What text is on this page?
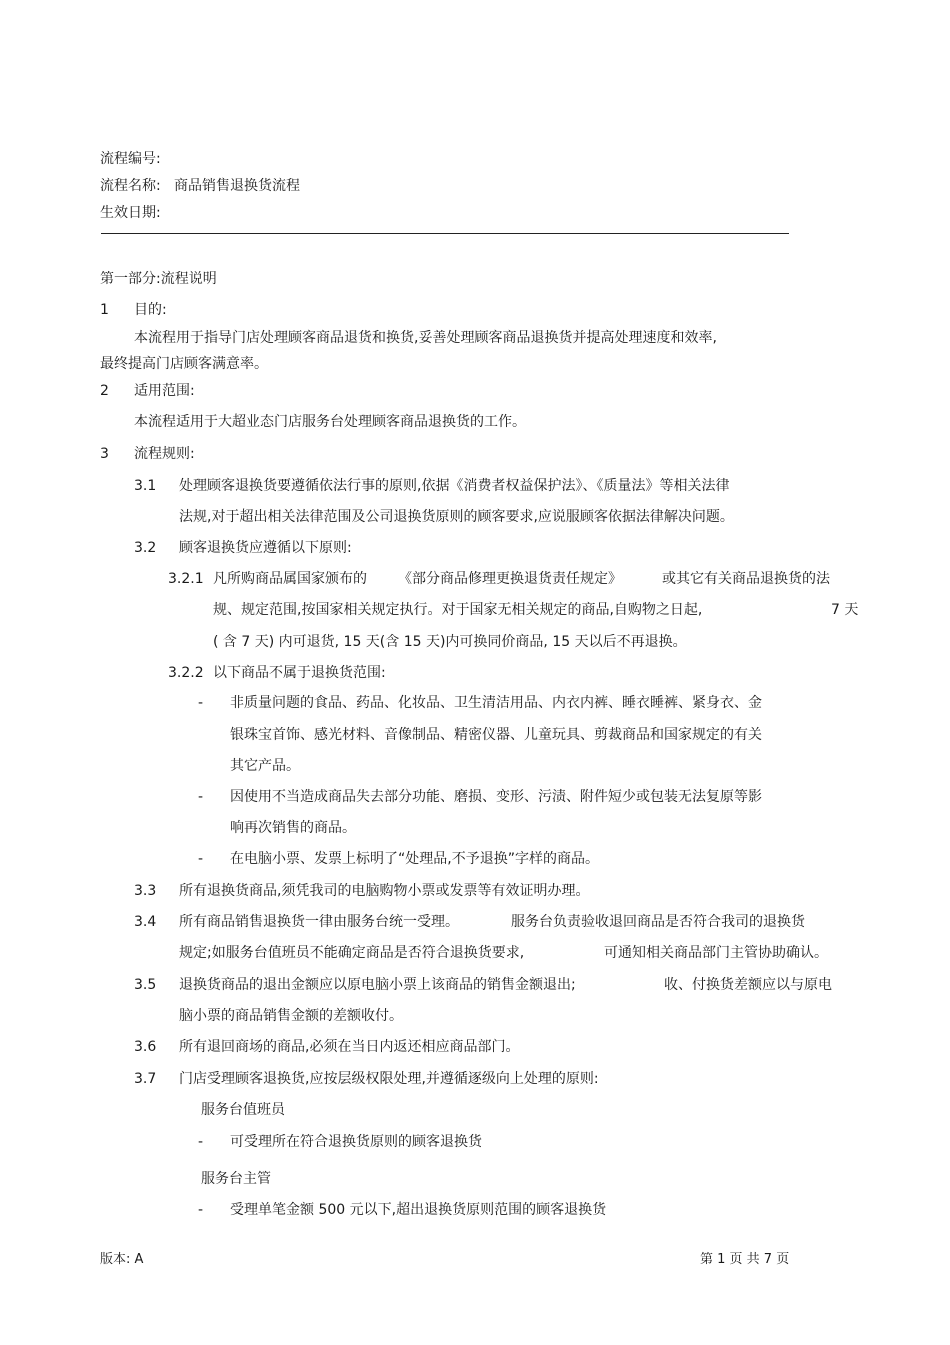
流程编号:
流程名称: 商品销售退换货流程
生效日期:
第一部分:流程说明
1 目的:
本流程用于指导门店处理顾客商品退货和换货,妥善处理顾客商品退换货并提高处理速度和效率,
最终提高门店顾客满意率。
2 适用范围:
本流程适用于大超业态门店服务台处理顾客商品退换货的工作。
3 流程规则:
3.1 处理顾客退换货要遵循依法行事的原则,依据《消费者权益保护法》、《质量法》等相关法律
法规,对于超出相关法律范围及公司退换货原则的顾客要求,应说服顾客依据法律解决问题。
3.2 顾客退换货应遵循以下原则:
3.2.1 凡所购商品属国家颁布的 《部分商品修理更换退货责任规定》	或其它有关商品退换货的法
规、规定范围,按国家相关规定执行。对于国家无相关规定的商品,自购物之日起,	7 天
( 含 7 天) 内可退货, 15 天(含 15 天)内可换同价商品, 15 天以后不再退换。
3.2.2 以下商品不属于退换货范围:
- 非质量问题的食品、药品、化妆品、卫生清洁用品、内衣内裤、睡衣睡裤、紧身衣、金
银珠宝首饰、感光材料、音像制品、精密仪器、儿童玩具、剪裁商品和国家规定的有关
其它产品。
- 因使用不当造成商品失去部分功能、磨损、变形、污渍、附件短少或包装无法复原等影
响再次销售的商品。
- 在电脑小票、发票上标明了“处理品,不予退换”字样的商品。
3.3 所有退换货商品,须凭我司的电脑购物小票或发票等有效证明办理。
3.4 所有商品销售退换货一律由服务台统一受理。	服务台负责验收退回商品是否符合我司的退换货
规定;如服务台值班员不能确定商品是否符合退换货要求,	可通知相关商品部门主管协助确认。
3.5 退换货商品的退出金额应以原电脑小票上该商品的销售金额退出;	收、付换货差额应以与原电
脑小票的商品销售金额的差额收付。
3.6 所有退回商场的商品,必须在当日内返还相应商品部门。
3.7 门店受理顾客退换货,应按层级权限处理,并遵循逐级向上处理的原则:
服务台值班员
- 可受理所在符合退换货原则的顾客退换货
服务台主管
- 受理单笔金额 500 元以下,超出退换货原则范围的顾客退换货
版本: A	第 1 页 共 7 页
